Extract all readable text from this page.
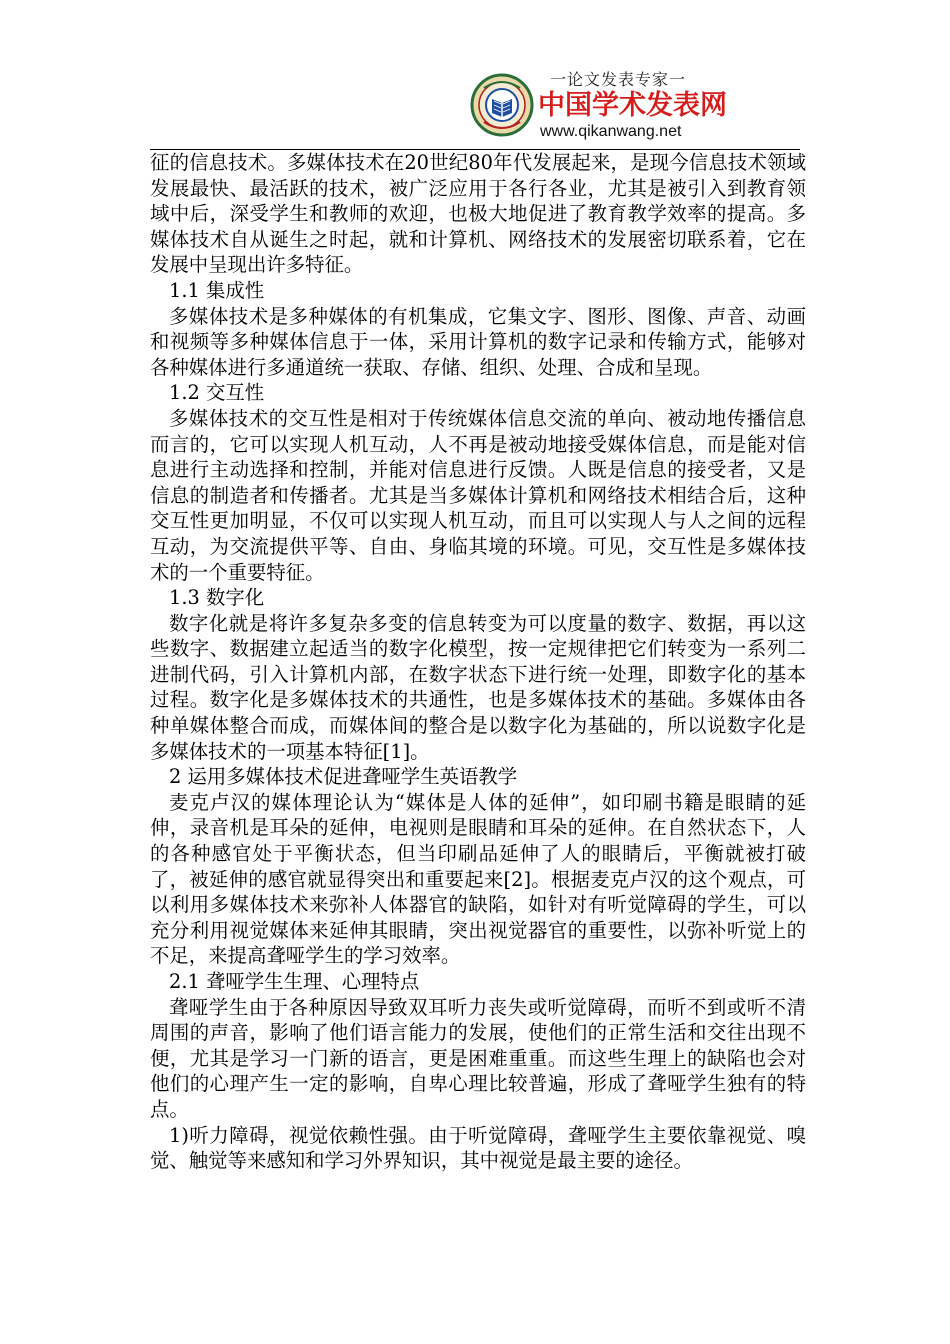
一论文发表专家一
中国学术发表网
www.qikanwang.net

征的信息技术。多媒体技术在20世纪80年代发展起来，是现今信息技术领域发展最快、最活跃的技术，被广泛应用于各行各业，尤其是被引入到教育领域中后，深受学生和教师的欢迎，也极大地促进了教育教学效率的提高。多媒体技术自从诞生之时起，就和计算机、网络技术的发展密切联系着，它在发展中呈现出许多特征。

1.1 集成性

多媒体技术是多种媒体的有机集成，它集文字、图形、图像、声音、动画和视频等多种媒体信息于一体，采用计算机的数字记录和传输方式，能够对各种媒体进行多通道统一获取、存储、组织、处理、合成和呈现。

1.2 交互性

多媒体技术的交互性是相对于传统媒体信息交流的单向、被动地传播信息而言的，它可以实现人机互动，人不再是被动地接受媒体信息，而是能对信息进行主动选择和控制，并能对信息进行反馈。人既是信息的接受者，又是信息的制造者和传播者。尤其是当多媒体计算机和网络技术相结合后，这种交互性更加明显，不仅可以实现人机互动，而且可以实现人与人之间的远程互动，为交流提供平等、自由、身临其境的环境。可见，交互性是多媒体技术的一个重要特征。

1.3 数字化

数字化就是将许多复杂多变的信息转变为可以度量的数字、数据，再以这些数字、数据建立起适当的数字化模型，按一定规律把它们转变为一系列二进制代码，引入计算机内部，在数字状态下进行统一处理，即数字化的基本过程。数字化是多媒体技术的共通性，也是多媒体技术的基础。多媒体由各种单媒体整合而成，而媒体间的整合是以数字化为基础的，所以说数字化是多媒体技术的一项基本特征[1]。

2 运用多媒体技术促进聋哑学生英语教学

麦克卢汉的媒体理论认为“媒体是人体的延伸”，如印刷书籍是眼睛的延伸，录音机是耳朵的延伸，电视则是眼睛和耳朵的延伸。在自然状态下，人的各种感官处于平衡状态，但当印刷品延伸了人的眼睛后，平衡就被打破了，被延伸的感官就显得突出和重要起来[2]。根据麦克卢汉的这个观点，可以利用多媒体技术来弥补人体器官的缺陷，如针对有听觉障碍的学生，可以充分利用视觉媒体来延伸其眼睛，突出视觉器官的重要性，以弥补听觉上的不足，来提高聋哑学生的学习效率。

2.1 聋哑学生生理、心理特点

聋哑学生由于各种原因导致双耳听力丧失或听觉障碍，而听不到或听不清周围的声音，影响了他们语言能力的发展，使他们的正常生活和交往出现不便，尤其是学习一门新的语言，更是困难重重。而这些生理上的缺陷也会对他们的心理产生一定的影响，自卑心理比较普遍，形成了聋哑学生独有的特点。

1)听力障碍，视觉依赖性强。由于听觉障碍，聋哑学生主要依靠视觉、嗅觉、触觉等来感知和学习外界知识，其中视觉是最主要的途径。
